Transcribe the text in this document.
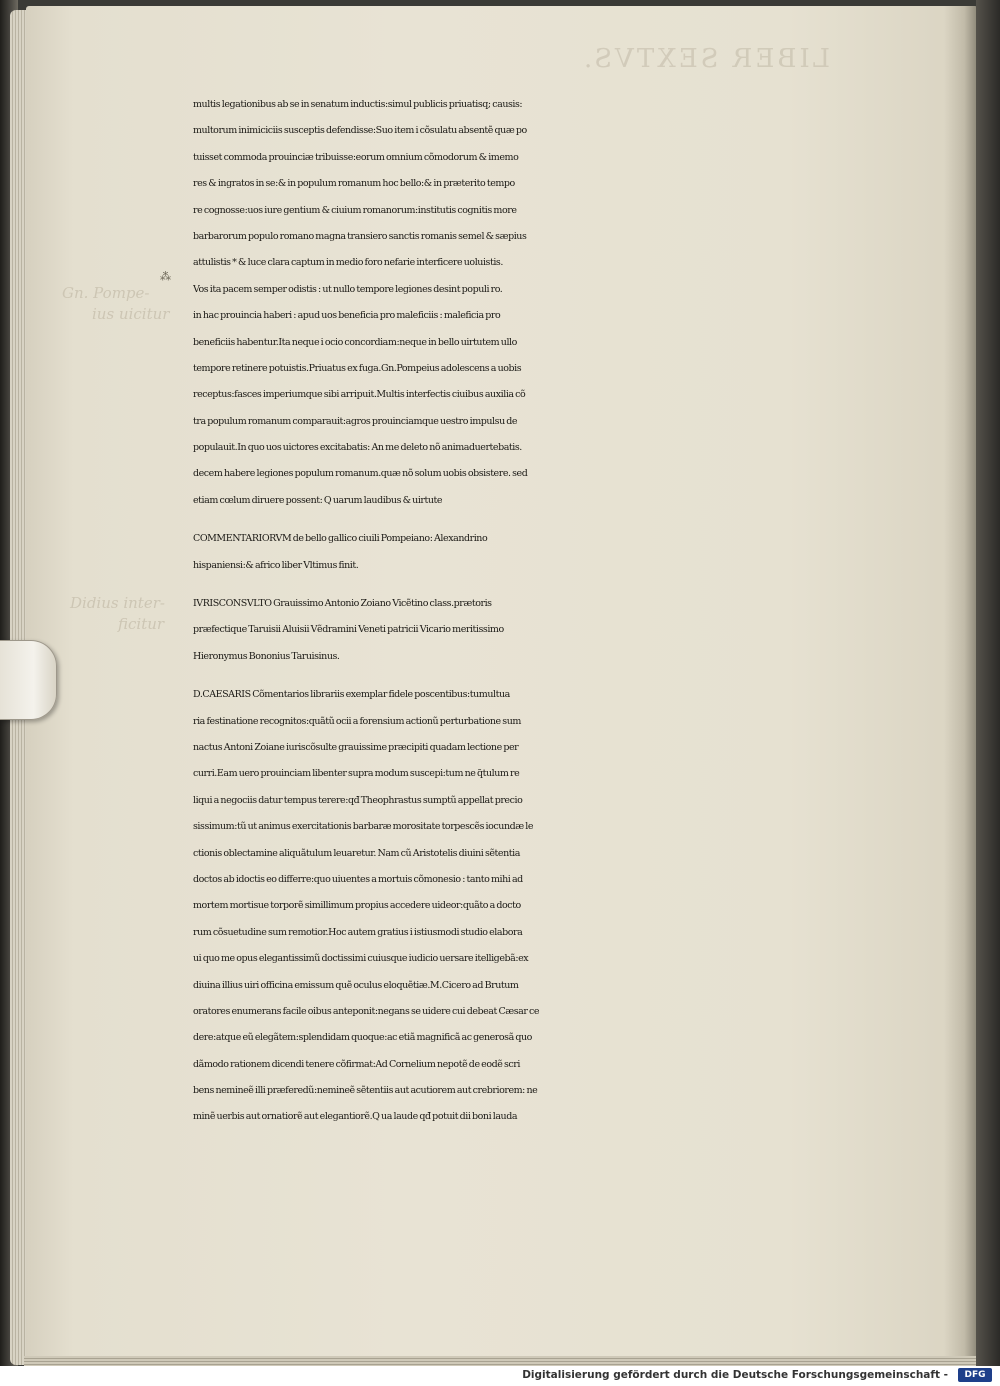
LIBER SEXTVS.
Gn. Pompe-
ius uicitur
Didius inter-
ficitur
⁂
multis legationibus ab se in senatum inductis:simul publicis priuatisq; causis:
multorum inimiciciis susceptis defendisse:Suo item i cõsulatu absentẽ quæ po
tuisset commoda prouinciæ tribuisse:eorum omnium cõmodorum & imemo
res & ingratos in se:& in populum romanum hoc bello:& in præterito tempo
re cognosse:uos iure gentium & ciuium romanorum:institutis cognitis more
barbarorum populo romano magna transiero sanctis romanis semel & sæpius
attulistis * & luce clara captum in medio foro nefarie interficere uoluistis.
Vos ita pacem semper odistis : ut nullo tempore legiones desint populi ro.
in hac prouincia haberi : apud uos beneficia pro maleficiis : maleficia pro
beneficiis habentur.Ita neque i ocio concordiam:neque in bello uirtutem ullo
tempore retinere potuistis.Priuatus ex fuga.Gn.Pompeius adolescens a uobis
receptus:fasces imperiumque sibi arripuit.Multis interfectis ciuibus auxilia cõ
tra populum romanum comparauit:agros prouinciamque uestro impulsu de
populauit.In quo uos uictores excitabatis: An me deleto nõ animaduertebatis.
decem habere legiones populum romanum.quæ nõ solum uobis obsistere. sed
etiam cœlum diruere possent: Q uarum laudibus & uirtute
COMMENTARIORVM de bello gallico ciuili Pompeiano: Alexandrino
hispaniensi:& africo liber Vltimus finit.
IVRISCONSVLTO Grauissimo Antonio Zoiano Vicẽtino class.prætoris
præfectique Taruisii Aluisii Vẽdramini Veneti patricii Vicario meritissimo
Hieronymus Bononius Taruisinus.
D.CAESARIS Cõmentarios librariis exemplar fidele poscentibus:tumultua
ria festinatione recognitos:quãtũ ocii a forensium actionũ perturbatione sum
nactus Antoni Zoiane iuriscõsulte grauissime præcipiti quadam lectione per
curri.Eam uero prouinciam libenter supra modum suscepi:tum ne q̃tulum re
liqui a negociis datur tempus terere:qđ Theophrastus sumptũ appellat precio
sissimum:tũ ut animus exercitationis barbaræ morositate torpescẽs iocundæ le
ctionis oblectamine aliquãtulum leuaretur. Nam cũ Aristotelis diuini sẽtentia
doctos ab idoctis eo differre:quo uiuentes a mortuis cõmonesio : tanto mihi ad
mortem mortisue torporẽ simillimum propius accedere uideor:quãto a docto
rum cõsuetudine sum remotior.Hoc autem gratius i istiusmodi studio elabora
ui quo me opus elegantissimũ doctissimi cuiusque iudicio uersare itelligebã:ex
diuina illius uiri officina emissum quẽ oculus eloquẽtiæ.M.Cicero ad Brutum
oratores enumerans facile oibus anteponit:negans se uidere cui debeat Cæsar ce
dere:atque eũ elegãtem:splendidam quoque:ac etiã magnificã ac generosã quo
dãmodo rationem dicendi tenere cõfirmat:Ad Cornelium nepotẽ de eodẽ scri
bens nemineẽ illi præferedũ:nemineẽ sẽtentiis aut acutiorem aut crebriorem: ne
minẽ uerbis aut ornatiorẽ aut elegantiorẽ.Q ua laude qđ potuit dii boni lauda
Digitalisierung gefördert durch die Deutsche Forschungsgemeinschaft -	DFG
